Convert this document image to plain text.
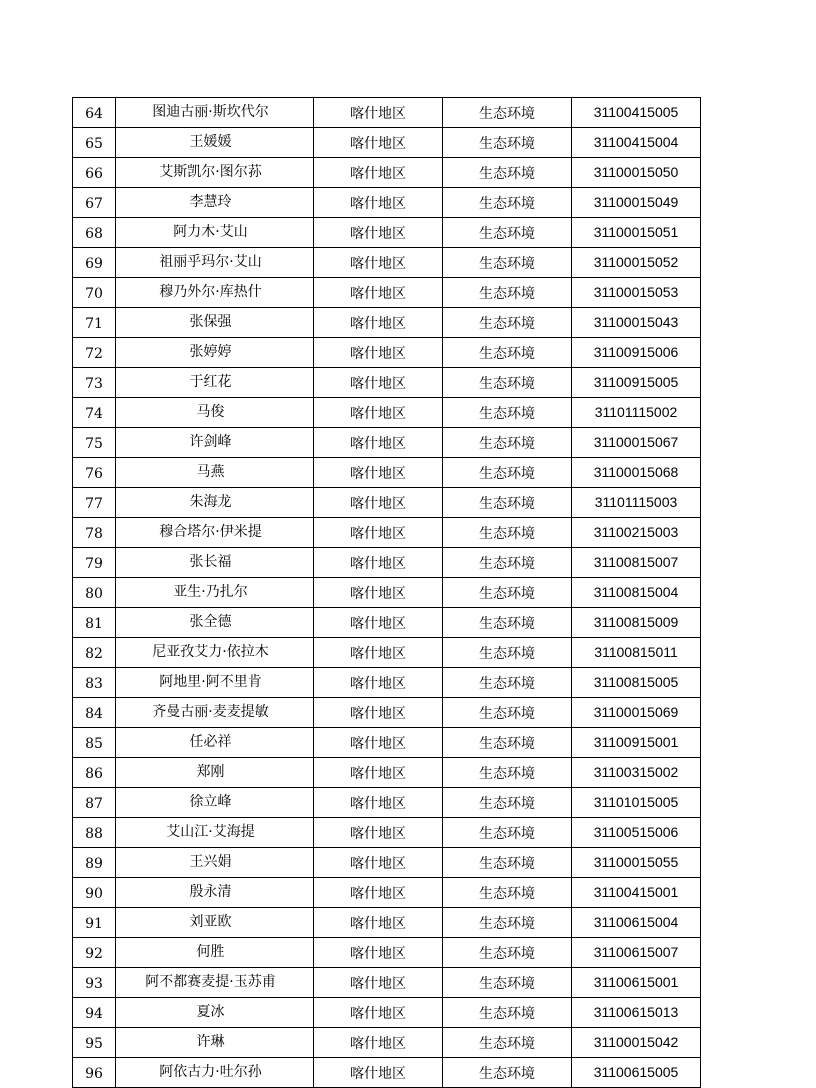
64	图迪古丽·斯坎代尔	喀什地区	生态环境	31100415005
65	王媛媛	喀什地区	生态环境	31100415004
66	艾斯凯尔·图尔荪	喀什地区	生态环境	31100015050
67	李慧玲	喀什地区	生态环境	31100015049
68	阿力木·艾山	喀什地区	生态环境	31100015051
69	祖丽乎玛尔·艾山	喀什地区	生态环境	31100015052
70	穆乃外尔·库热什	喀什地区	生态环境	31100015053
71	张保强	喀什地区	生态环境	31100015043
72	张婷婷	喀什地区	生态环境	31100915006
73	于红花	喀什地区	生态环境	31100915005
74	马俊	喀什地区	生态环境	31101115002
75	许剑峰	喀什地区	生态环境	31100015067
76	马燕	喀什地区	生态环境	31100015068
77	朱海龙	喀什地区	生态环境	31101115003
78	穆合塔尔·伊米提	喀什地区	生态环境	31100215003
79	张长福	喀什地区	生态环境	31100815007
80	亚生·乃扎尔	喀什地区	生态环境	31100815004
81	张全德	喀什地区	生态环境	31100815009
82	尼亚孜艾力·依拉木	喀什地区	生态环境	31100815011
83	阿地里·阿不里肯	喀什地区	生态环境	31100815005
84	齐曼古丽·麦麦提敏	喀什地区	生态环境	31100015069
85	任必祥	喀什地区	生态环境	31100915001
86	郑刚	喀什地区	生态环境	31100315002
87	徐立峰	喀什地区	生态环境	31101015005
88	艾山江·艾海提	喀什地区	生态环境	31100515006
89	王兴娟	喀什地区	生态环境	31100015055
90	殷永清	喀什地区	生态环境	31100415001
91	刘亚欧	喀什地区	生态环境	31100615004
92	何胜	喀什地区	生态环境	31100615007
93	阿不都赛麦提·玉苏甫	喀什地区	生态环境	31100615001
94	夏冰	喀什地区	生态环境	31100615013
95	许琳	喀什地区	生态环境	31100015042
96	阿依古力·吐尔孙	喀什地区	生态环境	31100615005
